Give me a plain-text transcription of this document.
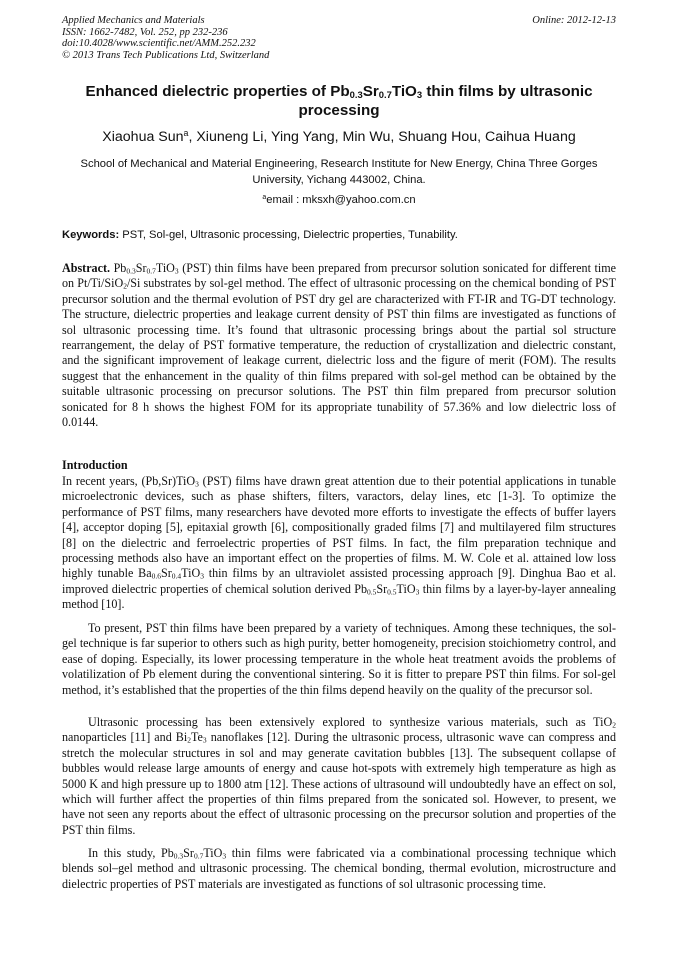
Applied Mechanics and Materials
ISSN: 1662-7482, Vol. 252, pp 232-236
doi:10.4028/www.scientific.net/AMM.252.232
© 2013 Trans Tech Publications Ltd, Switzerland
Online: 2012-12-13
Enhanced dielectric properties of $Pb_{0.3}Sr_{0.7}TiO_3$ thin films by ultrasonic processing
Xiaohua Sun$^a$, Xiuneng Li, Ying Yang, Min Wu, Shuang Hou, Caihua Huang
School of Mechanical and Material Engineering, Research Institute for New Energy, China Three Gorges University, Yichang 443002, China.
$^a$email : mksxh@yahoo.com.cn
Keywords: PST, Sol-gel, Ultrasonic processing, Dielectric properties, Tunability.
Abstract. $Pb_{0.3}Sr_{0.7}TiO_3$ (PST) thin films have been prepared from precursor solution sonicated for different time on Pt/Ti/SiO$_2$/Si substrates by sol-gel method. The effect of ultrasonic processing on the chemical bonding of PST precursor solution and the thermal evolution of PST dry gel are characterized with FT-IR and TG-DT technology. The structure, dielectric properties and leakage current density of PST thin films are investigated as functions of sol ultrasonic processing time. It’s found that ultrasonic processing brings about the partial sol structure rearrangement, the delay of PST formative temperature, the reduction of crystallization and dielectric constant, and the significant improvement of leakage current, dielectric loss and the figure of merit (FOM). The results suggest that the enhancement in the quality of thin films prepared with sol-gel method can be obtained by the suitable ultrasonic processing on precursor solutions. The PST thin film prepared from precursor solution sonicated for 8 h shows the highest FOM for its appropriate tunability of 57.36% and low dielectric loss of 0.0144.
Introduction
In recent years, (Pb,Sr)TiO$_3$ (PST) films have drawn great attention due to their potential applications in tunable microelectronic devices, such as phase shifters, filters, varactors, delay lines, etc [1-3]. To optimize the performance of PST films, many researchers have devoted more efforts to investigate the effects of buffer layers [4], acceptor doping [5], epitaxial growth [6], compositionally graded films [7] and multilayered film structures [8] on the dielectric and ferroelectric properties of PST films. In fact, the film preparation technique and processing methods also have an important effect on the properties of films. M. W. Cole et al. attained low loss highly tunable $Ba_{0.6}Sr_{0.4}TiO_3$ thin films by an ultraviolet assisted processing approach [9]. Dinghua Bao et al. improved dielectric properties of chemical solution derived $Pb_{0.5}Sr_{0.5}TiO_3$ thin films by a layer-by-layer annealing method [10].
To present, PST thin films have been prepared by a variety of techniques. Among these techniques, the sol-gel technique is far superior to others such as high purity, better homogeneity, precision stoichiometry control, and ease of doping. Especially, its lower processing temperature in the whole heat treatment avoids the problems of volatilization of Pb element during the conventional sintering. So it is fitter to prepare PST thin films. For sol-gel method, it’s established that the properties of the thin films depend heavily on the quality of the precursor sol.
Ultrasonic processing has been extensively explored to synthesize various materials, such as TiO$_2$ nanoparticles [11] and $Bi_2Te_3$ nanoflakes [12]. During the ultrasonic process, ultrasonic wave can compress and stretch the molecular structures in sol and may generate cavitation bubbles [13]. The subsequent collapse of bubbles would release large amounts of energy and cause hot-spots with extremely high temperature as high as 5000 K and high pressure up to 1800 atm [12]. These actions of ultrasound will undoubtedly have an effect on sol, which will further affect the properties of thin films prepared from the sonicated sol. However, to present, we have not seen any reports about the effect of ultrasonic processing on the precursor solution and properties of the PST thin films.
In this study, $Pb_{0.3}Sr_{0.7}TiO_3$ thin films were fabricated via a combinational processing technique which blends sol–gel method and ultrasonic processing. The chemical bonding, thermal evolution, microstructure and dielectric properties of PST materials are investigated as functions of sol ultrasonic processing time.
